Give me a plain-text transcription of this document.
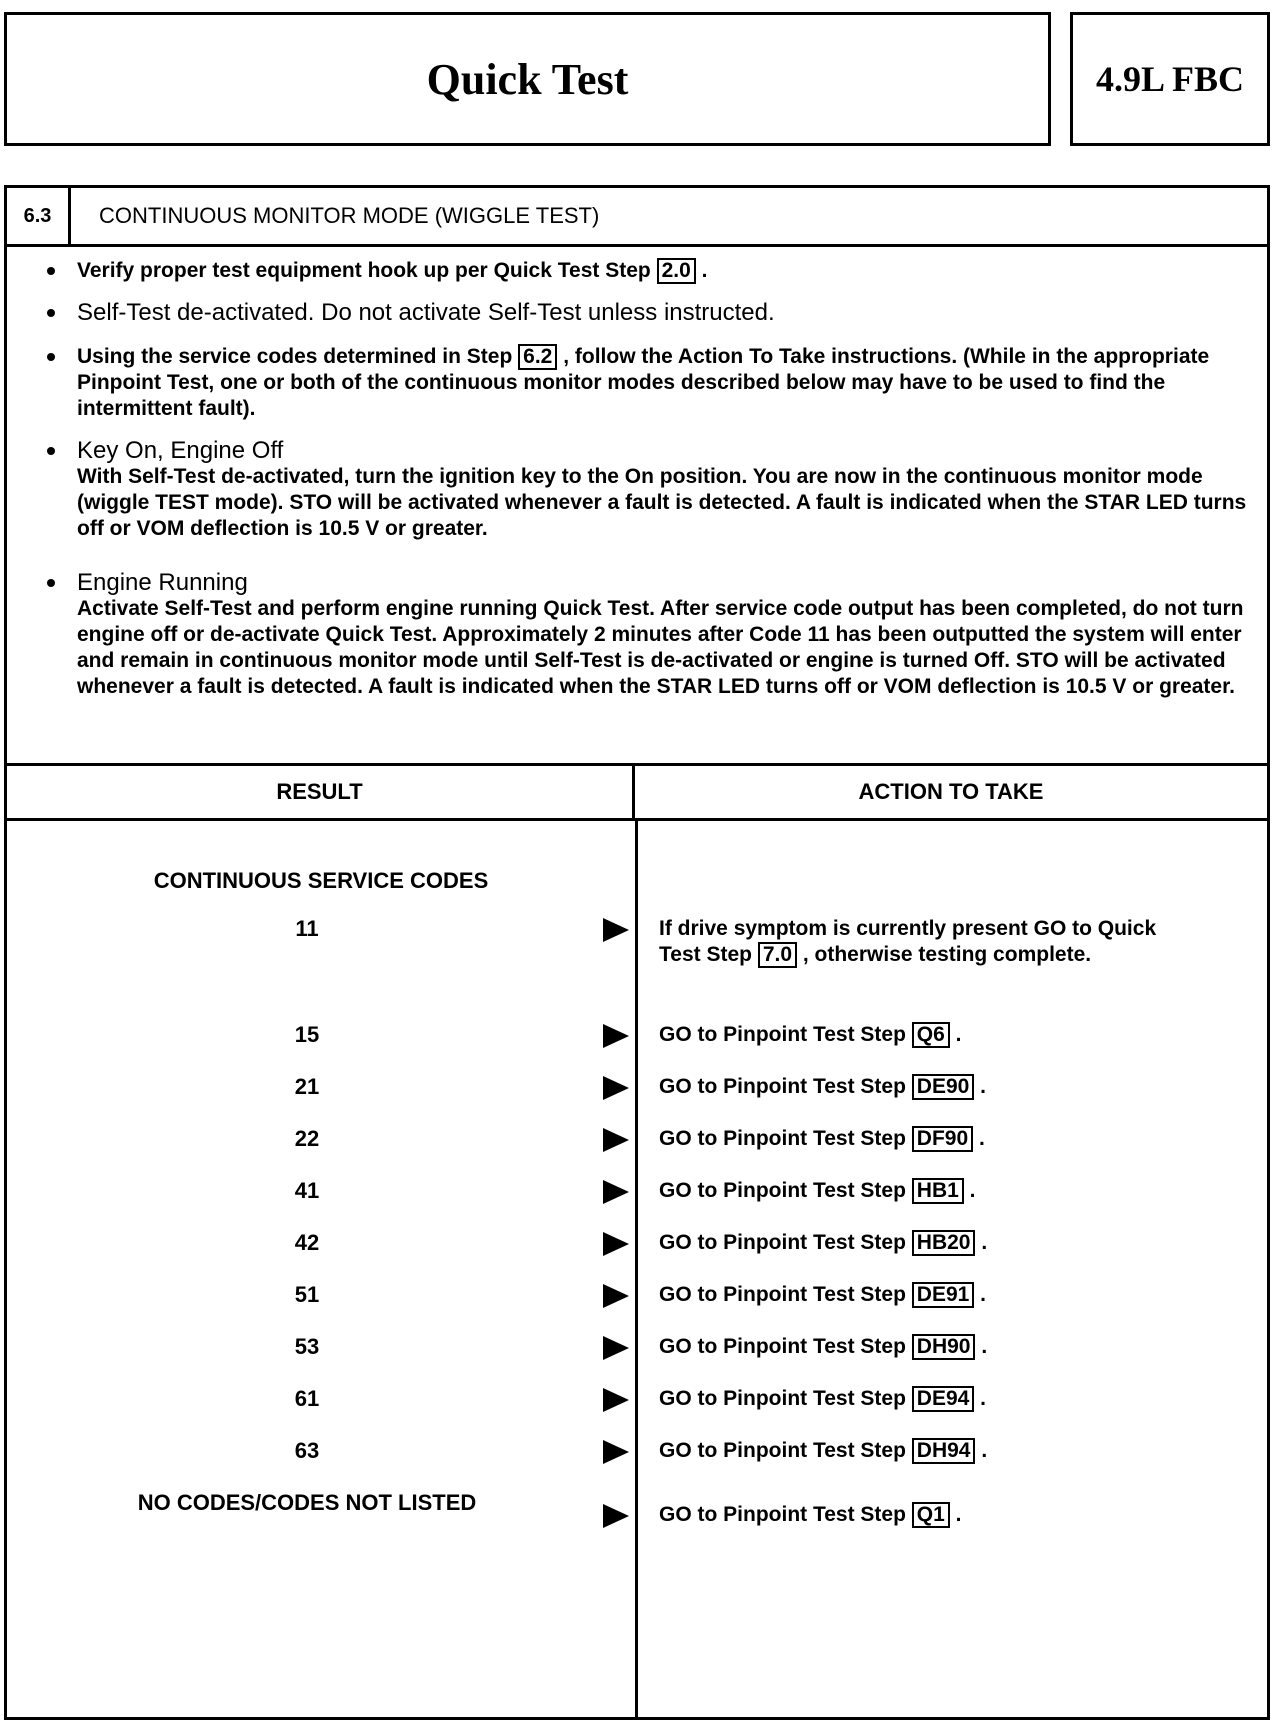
Quick Test	4.9L FBC
6.3	CONTINUOUS MONITOR MODE (WIGGLE TEST)
Verify proper test equipment hook up per Quick Test Step 2.0 .
Self-Test de-activated. Do not activate Self-Test unless instructed.
Using the service codes determined in Step 6.2 , follow the Action To Take instructions. (While in the appropriate Pinpoint Test, one or both of the continuous monitor modes described below may have to be used to find the intermittent fault).
Key On, Engine Off
With Self-Test de-activated, turn the ignition key to the On position. You are now in the continuous monitor mode (wiggle TEST mode). STO will be activated whenever a fault is detected. A fault is indicated when the STAR LED turns off or VOM deflection is 10.5 V or greater.
Engine Running
Activate Self-Test and perform engine running Quick Test. After service code output has been completed, do not turn engine off or de-activate Quick Test. Approximately 2 minutes after Code 11 has been outputted the system will enter and remain in continuous monitor mode until Self-Test is de-activated or engine is turned Off. STO will be activated whenever a fault is detected. A fault is indicated when the STAR LED turns off or VOM deflection is 10.5 V or greater.
RESULT	ACTION TO TAKE
CONTINUOUS SERVICE CODES
11	If drive symptom is currently present GO to Quick Test Step 7.0 , otherwise testing complete.
15	GO to Pinpoint Test Step Q6 .
21	GO to Pinpoint Test Step DE90 .
22	GO to Pinpoint Test Step DF90 .
41	GO to Pinpoint Test Step HB1 .
42	GO to Pinpoint Test Step HB20 .
51	GO to Pinpoint Test Step DE91 .
53	GO to Pinpoint Test Step DH90 .
61	GO to Pinpoint Test Step DE94 .
63	GO to Pinpoint Test Step DH94 .
NO CODES/CODES NOT LISTED	GO to Pinpoint Test Step Q1 .
